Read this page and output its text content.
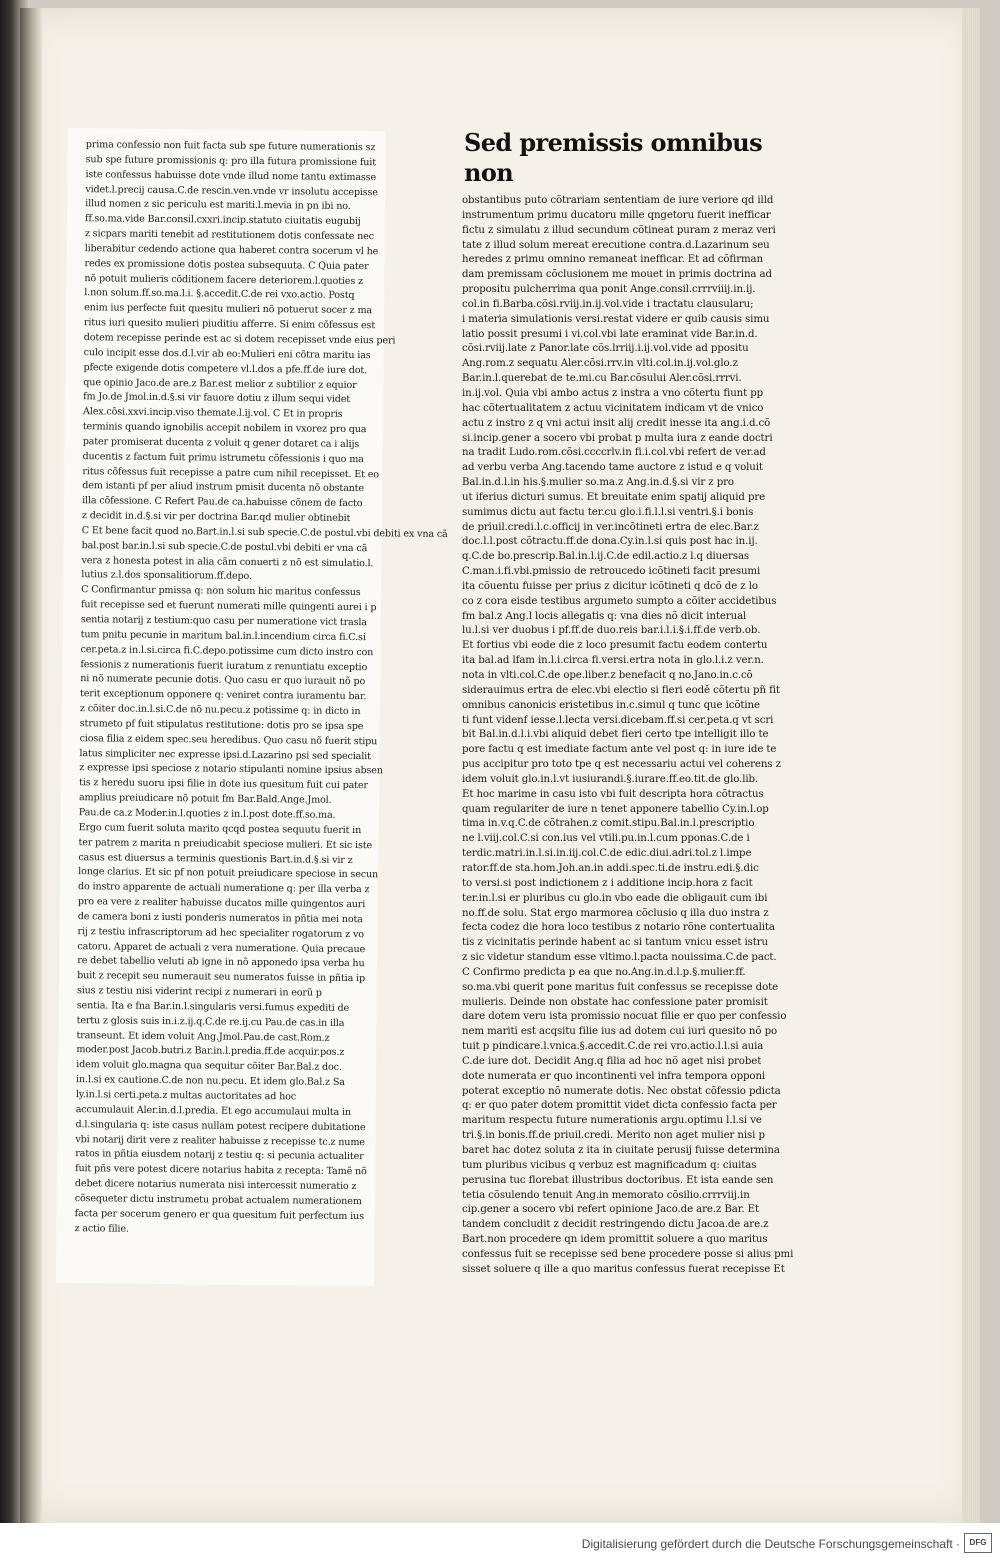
prima confessio non fuit facta sub spe future numerationis sz
sub spe future promissionis q: pro illa futura promissione fuit
iste confessus habuisse dote vnde illud nome tantu extimasse
videt.l.precij causa.C.de rescin.ven.vnde vr insolutu accepisse
illud nomen z sic periculu est mariti.l.mevia in pn ibi no.
ff.so.ma.vide Bar.consil.cxxri.incip.statuto ciuitatis eugubij
z sicpars mariti tenebit ad restitutionem dotis confessate nec
liberabitur cedendo actione qua haberet contra socerum vl he
redes ex promissione dotis postea subsequuta. C Quia pater
nõ potuit mulieris cõditionem facere deteriorem.l.quoties z
l.non solum.ff.so.ma.l.i. §.accedit.C.de rei vxo.actio. Postq
enim ius perfecte fuit quesitu mulieri nõ potuerut socer z ma
ritus iuri quesito mulieri piuditiu afferre. Si enim cõfessus est
dotem recepisse perinde est ac si dotem recepisset vnde eius peri
culo incipit esse dos.d.l.vir ab eo:Mulieri eni cõtra maritu ias
pfecte exigende dotis competere vl.l.dos a pfe.ff.de iure dot.
que opinio Jaco.de are.z Bar.est melior z subtilior z equior
fm Jo.de Jmol.in.d.§.si vir fauore dotiu z illum sequi videt
Alex.cõsi.xxvi.incip.viso themate.l.ij.vol. C Et in propris
terminis quando ignobilis accepit nobilem in vxorez pro qua
pater promiserat ducenta z voluit q gener dotaret ca i alijs
ducentis z factum fuit primu istrumetu cõfessionis i quo ma
ritus cõfessus fuit recepisse a patre cum nihil recepisset. Et eo
dem istanti pf per aliud instrum pmisit ducenta nõ obstante
illa cõfessione. C Refert Pau.de ca.habuisse cõnem de facto
z decidit in.d.§.si vir per doctrina Bar.qd mulier obtinebit
C Et bene facit quod no.Bart.in.l.si sub specie.C.de postul.vbi debiti ex vna cã
bal.post bar.in.l.si sub specie.C.de postul.vbi debiti er vna cã
vera z honesta potest in alia cãm conuerti z nõ est simulatio.l.
lutius z.l.dos sponsalitiorum.ff.depo.
C Confirmantur pmissa q: non solum hic maritus confessus
fuit recepisse sed et fuerunt numerati mille quingenti aurei i p
sentia notarij z testium:quo casu per numeratione vict trasla
tum pnitu pecunie in maritum bal.in.l.incendium circa fi.C.si
cer.peta.z in.l.si.circa fi.C.depo.potissime cum dicto instro con
fessionis z numerationis fuerit iuratum z renuntiatu exceptio
ni nõ numerate pecunie dotis. Quo casu er quo iurauit nõ po
terit exceptionum opponere q: veniret contra iuramentu bar.
z cõiter doc.in.l.si.C.de nõ nu.pecu.z potissime q: in dicto in
strumeto pf fuit stipulatus restitutione: dotis pro se ipsa spe
ciosa filia z eidem spec.seu heredibus. Quo casu nõ fuerit stipu
latus simpliciter nec expresse ipsi.d.Lazarino psi sed specialit
z expresse ipsi speciose z notario stipulanti nomine ipsius absen
tis z heredu suoru ipsi filie in dote ius quesitum fuit cui pater
amplius preiudicare nõ potuit fm Bar.Bald.Ange.Jmol.
Pau.de ca.z Moder.in.l.quoties z in.l.post dote.ff.so.ma.
Ergo cum fuerit soluta marito qcqd postea sequutu fuerit in
ter patrem z marita n preiudicabit speciose mulieri. Et sic iste
casus est diuersus a terminis questionis Bart.in.d.§.si vir z
longe clarius. Et sic pf non potuit preiudicare speciose in secun
do instro apparente de actuali numeratione q: per illa verba z
pro ea vere z realiter habuisse ducatos mille quingentos auri
de camera boni z iusti ponderis numeratos in pñtia mei nota
rij z testiu infrascriptorum ad hec specialiter rogatorum z vo
catoru. Apparet de actuali z vera numeratione. Quia precaue
re debet tabellio veluti ab igne in nõ apponedo ipsa verba hu
buit z recepit seu numerauit seu numeratos fuisse in pñtia ip
sius z testiu nisi viderint recipi z numerari in eorũ p
sentia. Ita e fna Bar.in.l.singularis versi.fumus expediti de
tertu z glosis suis in.i.z.ij.q.C.de re.ij.cu Pau.de cas.in illa
transeunt. Et idem voluit Ang.Jmol.Pau.de cast.Rom.z
moder.post Jacob.butri.z Bar.in.l.predia.ff.de acquir.pos.z
idem voluit glo.magna qua sequitur cõiter Bar.Bal.z doc.
in.l.si ex cautione.C.de non nu.pecu. Et idem glo.Bal.z Sa
ly.in.l.si certi.peta.z multas auctoritates ad hoc
accumulauit Aler.in.d.l.predia. Et ego accumulaui multa in
d.l.singularia q: iste casus nullam potest recipere dubitatione
vbi notarij dirit vere z realiter habuisse z recepisse tc.z nume
ratos in pñtia eiusdem notarij z testiu q: si pecunia actualiter
fuit pñs vere potest dicere notarius habita z recepta: Tamẽ nõ
debet dicere notarius numerata nisi intercessit numeratio z
cõsequeter dictu instrumetu probat actualem numerationem
facta per socerum genero er qua quesitum fuit perfectum ius
z actio filie.
Sed premissis omnibus non
obstantibus puto cõtrariam sententiam de iure veriore qd illd
instrumentum primu ducatoru mille qngetoru fuerit inefficar
fictu z simulatu z illud secundum cõtineat puram z meraz veri
tate z illud solum mereat erecutione contra.d.Lazarinum seu
heredes z primu omnino remaneat inefficar. Et ad cõfirman
dam premissam cõclusionem me mouet in primis doctrina ad
propositu pulcherrima qua ponit Ange.consil.crrrviiij.in.ij.
col.in fi.Barba.cõsi.rviij.in.ij.vol.vide i tractatu clausularu;
i materia simulationis versi.restat videre er quib causis simu
latio possit presumi i vi.col.vbi late eraminat vide Bar.in.d.
cõsi.rviij.late z Panor.late cõs.lrriij.i.ij.vol.vide ad ppositu
Ang.rom.z sequatu Aler.cõsi.rrv.in vlti.col.in.ij.vol.glo.z
Bar.in.l.querebat de te.mi.cu Bar.cõsului Aler.cõsi.rrrvi.
in.ij.vol. Quia vbi ambo actus z instra a vno cõtertu fiunt pp
hac cõtertualitatem z actuu vicinitatem indicam vt de vnico
actu z instro z q vni actui insit alij credit inesse ita ang.i.d.cõ
si.incip.gener a socero vbi probat p multa iura z eande doctri
na tradit Ludo.rom.cõsi.ccccrlv.in fi.i.col.vbi refert de ver.ad
ad verbu verba Ang.tacendo tame auctore z istud e q voluit
Bal.in.d.l.in his.§.mulier so.ma.z Ang.in.d.§.si vir z pro
ut iferius dicturi sumus. Et breuitate enim spatij aliquid pre
sumimus dictu aut factu ter.cu glo.i.fi.l.l.si ventri.§.i bonis
de priuil.credi.l.c.officij in ver.incõtineti ertra de elec.Bar.z
doc.l.l.post cõtractu.ff.de dona.Cy.in.l.si quis post hac in.ij.
q.C.de bo.prescrip.Bal.in.l.ij.C.de edil.actio.z l.q diuersas
C.man.i.fi.vbi.pmissio de retroucedo icõtineti facit presumi
ita cõuentu fuisse per prius z dicitur icõtineti q dcõ de z lo
co z cora eisde testibus argumeto sumpto a cõiter accidetibus
fm bal.z Ang.l locis allegatis q: vna dies nõ dicit interual
lu.l.si ver duobus i pf.ff.de duo.reis bar.i.l.i.§.i.ff.de verb.ob.
Et fortius vbi eode die z loco presumit factu eodem contertu
ita bal.ad lfam in.l.i.circa fi.versi.ertra nota in glo.l.i.z ver.n.
nota in vlti.col.C.de ope.liber.z benefacit q no.Jano.in.c.cõ
siderauimus ertra de elec.vbi electio si fieri eodě cõtertu pñ fit
omnibus canonicis eristetibus in.c.simul q tunc que icõtine
ti funt videnf iesse.l.lecta versi.dicebam.ff.si cer.peta.q vt scri
bit Bal.in.d.l.i.vbi aliquid debet fieri certo tpe intelligit illo te
pore factu q est imediate factum ante vel post q: in iure ide te
pus accipitur pro toto tpe q est necessariu actui vel coherens z
idem voluit glo.in.l.vt iusiurandi.§.iurare.ff.eo.tit.de glo.lib.
Et hoc marime in casu isto vbi fuit descripta hora cõtractus
quam regulariter de iure n tenet apponere tabellio Cy.in.l.op
tima in.v.q.C.de cõtrahen.z comit.stipu.Bal.in.l.prescriptio
ne l.viij.col.C.si con.ius vel vtili.pu.in.l.cum pponas.C.de i
terdic.matri.in.l.si.in.iij.col.C.de edic.diui.adri.tol.z l.impe
rator.ff.de sta.hom.Joh.an.in addi.spec.ti.de instru.edi.§.dic
to versi.si post indictionem z i additione incip.hora z facit
ter.in.l.si er pluribus cu glo.in vbo eade die obligauit cum ibi
no.ff.de solu. Stat ergo marmorea cõclusio q illa duo instra z
fecta codez die hora loco testibus z notario rõne contertualita
tis z vicinitatis perinde habent ac si tantum vnicu esset istru
z sic videtur standum esse vltimo.l.pacta nouissima.C.de pact.
C Confirmo predicta p ea que no.Ang.in.d.l.p.§.mulier.ff.
so.ma.vbi querit pone maritus fuit confessus se recepisse dote
mulieris. Deinde non obstate hac confessione pater promisit
dare dotem veru ista promissio nocuat filie er quo per confessio
nem mariti est acqsitu filie ius ad dotem cui iuri quesito nõ po
tuit p pindicare.l.vnica.§.accedit.C.de rei vro.actio.l.l.si auia
C.de iure dot. Decidit Ang.q filia ad hoc nõ aget nisi probet
dote numerata er quo incontinenti vel infra tempora opponi
poterat exceptio nõ numerate dotis. Nec obstat cõfessio pdicta
q: er quo pater dotem promittit videt dicta confessio facta per
maritum respectu future numerationis argu.optimu l.l.si ve
tri.§.in bonis.ff.de priuil.credi. Merito non aget mulier nisi p
baret hac dotez soluta z ita in ciuitate perusij fuisse determina
tum pluribus vicibus q verbuz est magnificadum q: ciuitas
perusina tuc florebat illustribus doctoribus. Et ista eande sen
tetia cõsulendo tenuit Ang.in memorato cõsilio.crrrviij.in
cip.gener a socero vbi refert opinione Jaco.de are.z Bar. Et
tandem concludit z decidit restringendo dictu Jacoa.de are.z
Bart.non procedere qn idem promittit soluere a quo maritus
confessus fuit se recepisse sed bene procedere posse si alius pmi
sisset soluere q ille a quo maritus confessus fuerat recepisse Et
Digitalisierung gefördert durch die Deutsche Forschungsgemeinschaft ·	DFG
